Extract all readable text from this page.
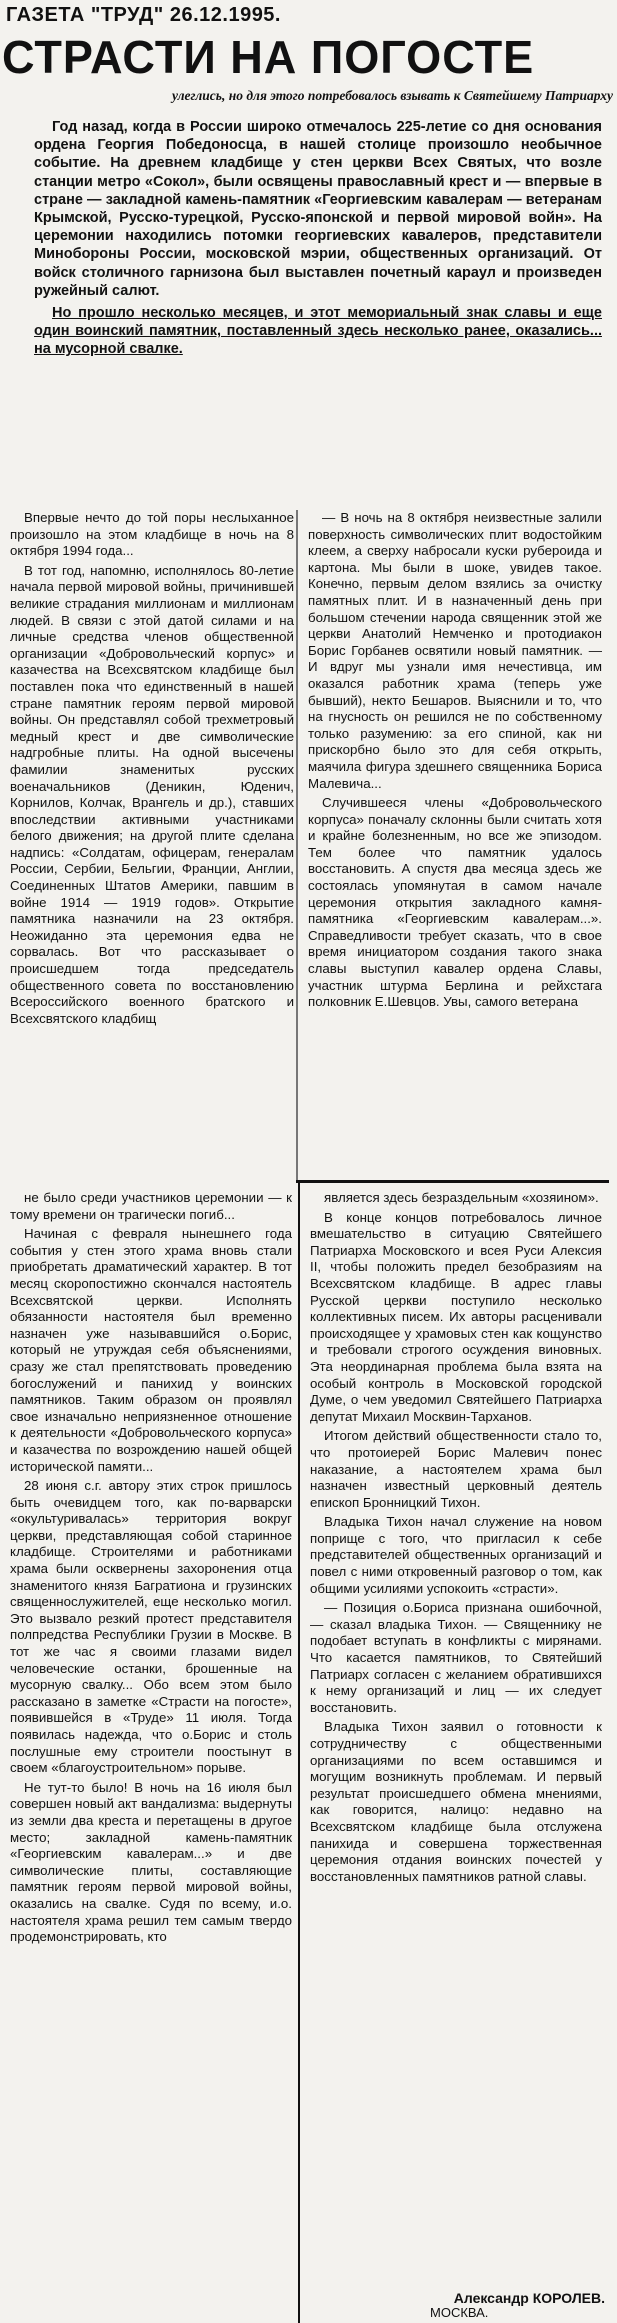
ГАЗЕТА "ТРУД" 26.12.1995.
СТРАСТИ НА ПОГОСТЕ
улеглись, но для этого потребовалось взывать к Святейшему Патриарху

Год назад, когда в России широко отмечалось 225-летие со дня основания ордена Георгия Победоносца, в нашей столице произошло необычное событие. На древнем кладбище у стен церкви Всех Святых, что возле станции метро «Сокол», были освящены православный крест и — впервые в стране — закладной камень-памятник «Георгиевским кавалерам — ветеранам Крымской, Русско-турецкой, Русско-японской и первой мировой войн». На церемонии находились потомки георгиевских кавалеров, представители Минобороны России, московской мэрии, общественных организаций. От войск столичного гарнизона был выставлен почетный караул и произведен ружейный салют.

Но прошло несколько месяцев, и этот мемориальный знак славы и еще один воинский памятник, поставленный здесь несколько ранее, оказались... на мусорной свалке.

Впервые нечто до той поры неслыханное произошло на этом кладбище в ночь на 8 октября 1994 года...

В тот год, напомню, исполнялось 80-летие начала первой мировой войны, причинившей великие страдания миллионам и миллионам людей. В связи с этой датой силами и на личные средства членов общественной организации «Добровольческий корпус» и казачества на Всехсвятском кладбище был поставлен пока что единственный в нашей стране памятник героям первой мировой войны. Он представлял собой трехметровый медный крест и две символические надгробные плиты. На одной высечены фамилии знаменитых русских военачальников (Деникин, Юденич, Корнилов, Колчак, Врангель и др.), ставших впоследствии активными участниками белого движения; на другой плите сделана надпись: «Солдатам, офицерам, генералам России, Сербии, Бельгии, Франции, Англии, Соединенных Штатов Америки, павшим в войне 1914 — 1919 годов». Открытие памятника назначили на 23 октября. Неожиданно эта церемония едва не сорвалась. Вот что рассказывает о происшедшем тогда председатель общественного совета по восстановлению Всероссийского военного братского и Всехсвятского кладбищ

— В ночь на 8 октября неизвестные залили поверхность символических плит водостойким клеем, а сверху набросали куски рубероида и картона. Мы были в шоке, увидев такое. Конечно, первым делом взялись за очистку памятных плит. И в назначенный день при большом стечении народа священник этой же церкви Анатолий Немченко и протодиакон Борис Горбанев освятили новый памятник. — И вдруг мы узнали имя нечестивца, им оказался работник храма (теперь уже бывший), некто Бешаров. Выяснили и то, что на гнусность он решился не по собственному только разумению: за его спиной, как ни прискорбно было это для себя открыть, маячила фигура здешнего священника Бориса Малевича...

Случившееся члены «Добровольческого корпуса» поначалу склонны были считать хотя и крайне болезненным, но все же эпизодом. Тем более что памятник удалось восстановить. А спустя два месяца здесь же состоялась упомянутая в самом начале церемония открытия закладного камня-памятника «Георгиевским кавалерам...». Справедливости требует сказать, что в свое время инициатором создания такого знака славы выступил кавалер ордена Славы, участник штурма Берлина и рейхстага полковник Е.Шевцов. Увы, самого ветерана

не было среди участников церемонии — к тому времени он трагически погиб...

Начиная с февраля нынешнего года события у стен этого храма вновь стали приобретать драматический характер. В тот месяц скоропостижно скончался настоятель Всехсвятской церкви. Исполнять обязанности настоятеля был временно назначен уже называвшийся о.Борис, который не утруждая себя объяснениями, сразу же стал препятствовать проведению богослужений и панихид у воинских памятников. Таким образом он проявлял свое изначально неприязненное отношение к деятельности «Добровольческого корпуса» и казачества по возрождению нашей общей исторической памяти...

28 июня с.г. автору этих строк пришлось быть очевидцем того, как по-варварски «окультуривалась» территория вокруг церкви, представляющая собой старинное кладбище. Строителями и работниками храма были осквернены захоронения отца знаменитого князя Багратиона и грузинских священнослужителей, еще несколько могил. Это вызвало резкий протест представителя полпредства Республики Грузии в Москве. В тот же час я своими глазами видел человеческие останки, брошенные на мусорную свалку... Обо всем этом было рассказано в заметке «Страсти на погосте», появившейся в «Труде» 11 июля. Тогда появилась надежда, что о.Борис и столь послушные ему строители поостынут в своем «благоустроительном» порыве.

Не тут-то было! В ночь на 16 июля был совершен новый акт вандализма: выдернуты из земли два креста и перетащены в другое место; закладной камень-памятник «Георгиевским кавалерам...» и две символические плиты, составляющие памятник героям первой мировой войны, оказались на свалке. Судя по всему, и.о. настоятеля храма решил тем самым твердо продемонстрировать, кто

является здесь безраздельным «хозяином».

В конце концов потребовалось личное вмешательство в ситуацию Святейшего Патриарха Московского и всея Руси Алексия II, чтобы положить предел безобразиям на Всехсвятском кладбище. В адрес главы Русской церкви поступило несколько коллективных писем. Их авторы расценивали происходящее у храмовых стен как кощунство и требовали строгого осуждения виновных. Эта неординарная проблема была взята на особый контроль в Московской городской Думе, о чем уведомил Святейшего Патриарха депутат Михаил Москвин-Тарханов.

Итогом действий общественности стало то, что протоиерей Борис Малевич понес наказание, а настоятелем храма был назначен известный церковный деятель епископ Бронницкий Тихон.

Владыка Тихон начал служение на новом поприще с того, что пригласил к себе представителей общественных организаций и повел с ними откровенный разговор о том, как общими усилиями успокоить «страсти».

— Позиция о.Бориса признана ошибочной, — сказал владыка Тихон. — Священнику не подобает вступать в конфликты с мирянами. Что касается памятников, то Святейший Патриарх согласен с желанием обратившихся к нему организаций и лиц — их следует восстановить.

Владыка Тихон заявил о готовности к сотрудничеству с общественными организациями по всем оставшимся и могущим возникнуть проблемам. И первый результат происшедшего обмена мнениями, как говорится, налицо: недавно на Всехсвятском кладбище была отслужена панихида и совершена торжественная церемония отдания воинских почестей у восстановленных памятников ратной славы.

Александр КОРОЛЕВ.
МОСКВА.
